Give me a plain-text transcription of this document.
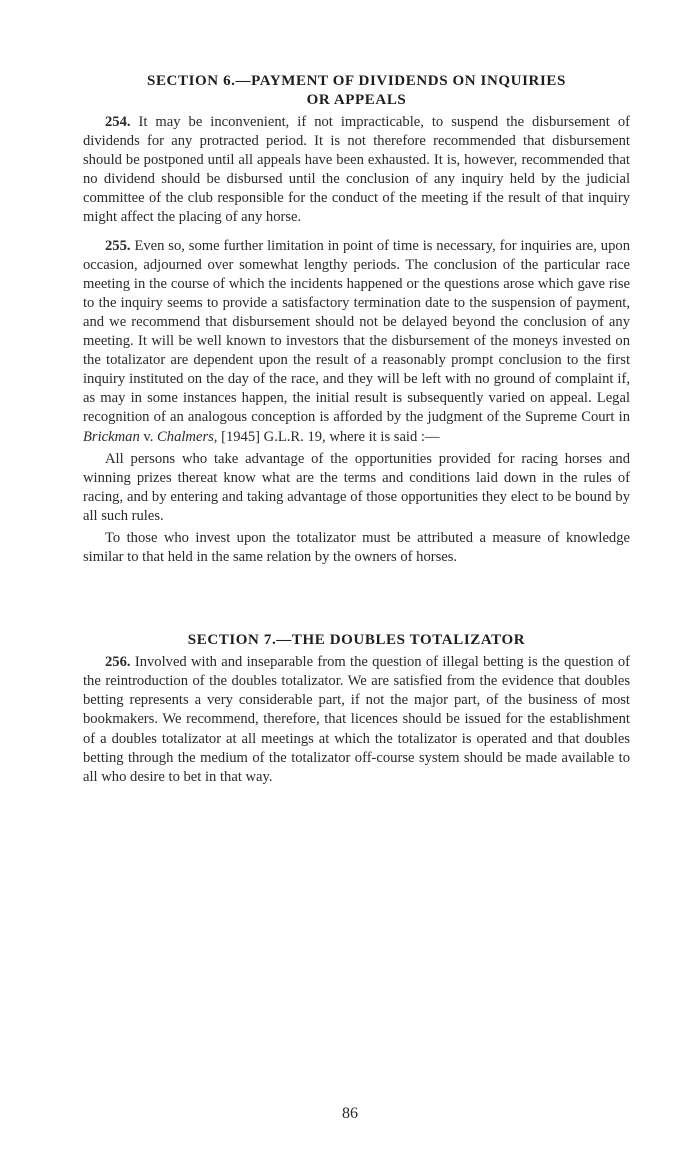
SECTION 6.—PAYMENT OF DIVIDENDS ON INQUIRIES
OR APPEALS

254. It may be inconvenient, if not impracticable, to suspend the disbursement of dividends for any protracted period. It is not therefore recommended that disbursement should be postponed until all appeals have been exhausted. It is, however, recommended that no dividend should be disbursed until the conclusion of any inquiry held by the judicial committee of the club responsible for the conduct of the meeting if the result of that inquiry might affect the placing of any horse.

255. Even so, some further limitation in point of time is necessary, for inquiries are, upon occasion, adjourned over somewhat lengthy periods. The conclusion of the particular race meeting in the course of which the incidents happened or the questions arose which gave rise to the inquiry seems to provide a satisfactory termination date to the suspension of payment, and we recommend that disbursement should not be delayed beyond the conclusion of any meeting. It will be well known to investors that the disbursement of the moneys invested on the totalizator are dependent upon the result of a reasonably prompt conclusion to the first inquiry instituted on the day of the race, and they will be left with no ground of complaint if, as may in some instances happen, the initial result is subsequently varied on appeal. Legal recognition of an analogous conception is afforded by the judgment of the Supreme Court in Brickman v. Chalmers, [1945] G.L.R. 19, where it is said :—

All persons who take advantage of the opportunities provided for racing horses and winning prizes thereat know what are the terms and conditions laid down in the rules of racing, and by entering and taking advantage of those opportunities they elect to be bound by all such rules.

To those who invest upon the totalizator must be attributed a measure of knowledge similar to that held in the same relation by the owners of horses.

SECTION 7.—THE DOUBLES TOTALIZATOR

256. Involved with and inseparable from the question of illegal betting is the question of the reintroduction of the doubles totalizator. We are satisfied from the evidence that doubles betting represents a very considerable part, if not the major part, of the business of most bookmakers. We recommend, therefore, that licences should be issued for the establishment of a doubles totalizator at all meetings at which the totalizator is operated and that doubles betting through the medium of the totalizator off-course system should be made available to all who desire to bet in that way.

86
